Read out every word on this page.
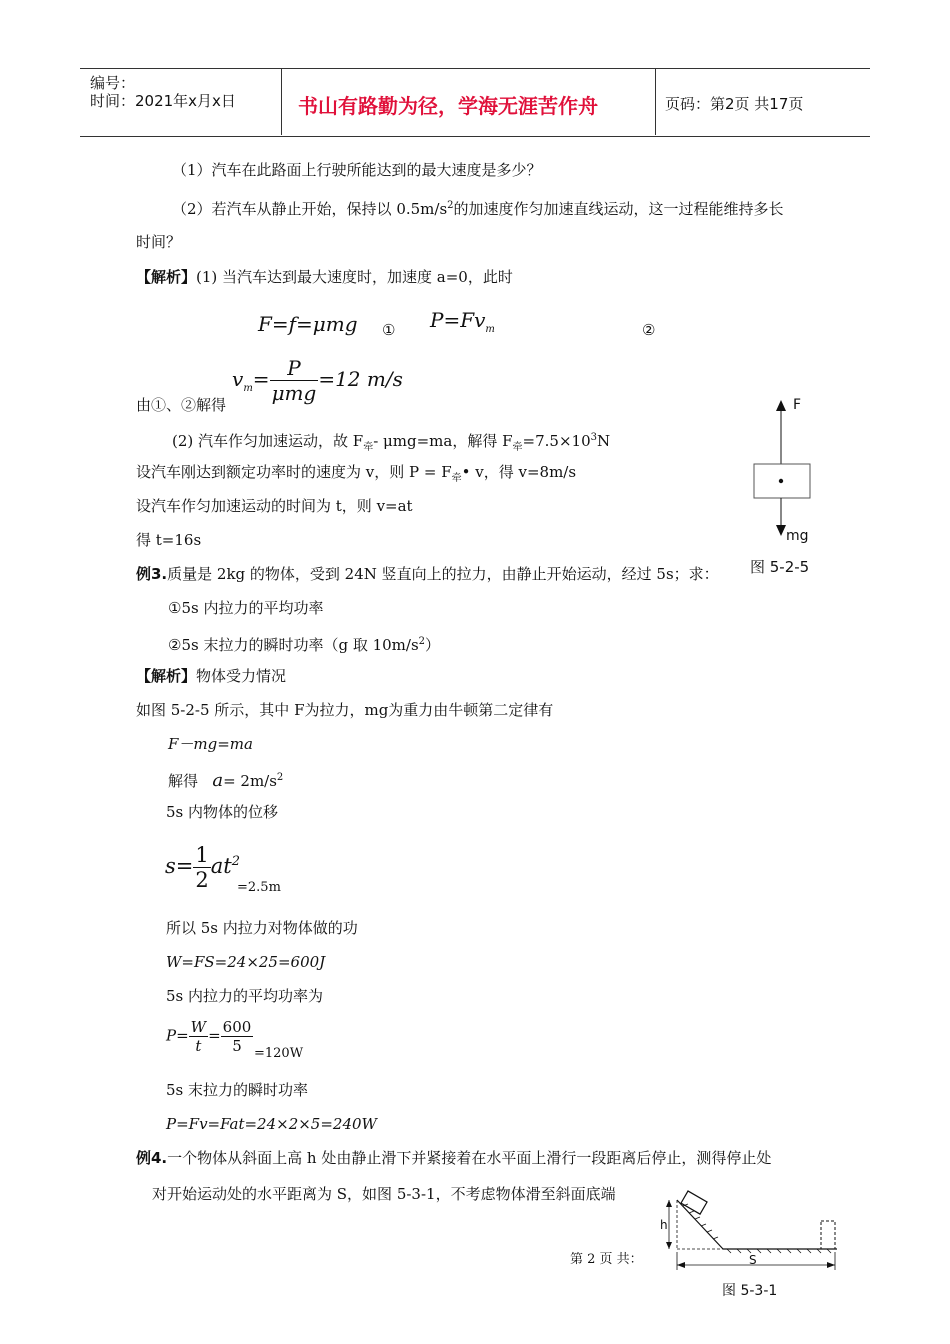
编号：
时间：2021年x月x日	书山有路勤为径，学海无涯苦作舟	页码：第2页 共17页
（1）汽车在此路面上行驶所能达到的最大速度是多少？
（2）若汽车从静止开始，保持以 $0.5m/s^2$的加速度作匀加速直线运动，这一过程能维持多长
时间？
【解析】(1) 当汽车达到最大速度时，加速度 a=0，此时
F=f=μmg ① $P=Fv_m$	②
由①、②解得
$v_m= \frac{P}{\text{μmg}} =12$ m/s
(2) 汽车作匀加速运动，故 $F_牵-$ μmg=ma，解得 $F_牵=7.5\times 10^3N$
设汽车刚达到额定功率时的速度为 v，则 $P = F_牵•$ v，得 v=8m/s
设汽车作匀加速运动的时间为 t，则 v=at
得 t=16s
例3.质量是 2kg 的物体，受到 24N 竖直向上的拉力，由静止开始运动，经过 5s；求：
①5s 内拉力的平均功率
②5s 末拉力的瞬时功率（g 取 $10m/s^2$）
【解析】物体受力情况
如图 5-2-5 所示，其中 F为拉力，mg为重力由牛顿第二定律有
F－mg=ma
解得 $a= 2m/s^2$
5s 内物体的位移
$s= \frac{1}{2} at^2$
=2.5m
所以 5s 内拉力对物体做的功
W=FS=24×25=600J
5s 内拉力的平均功率为
$P= \frac{W}{t} = \frac{600}{5} =120W$
5s 末拉力的瞬时功率
P=Fv=Fat=24×2×5=240W
例4.一个物体从斜面上高 h 处由静止滑下并紧接着在水平面上滑行一段距离后停止，测得停止处
对开始运动处的水平距离为 S，如图 5-3-1，不考虑物体滑至斜面底端
第 2 页 共：
F
mg
图 5-2-5
h
S
图 5-3-1
